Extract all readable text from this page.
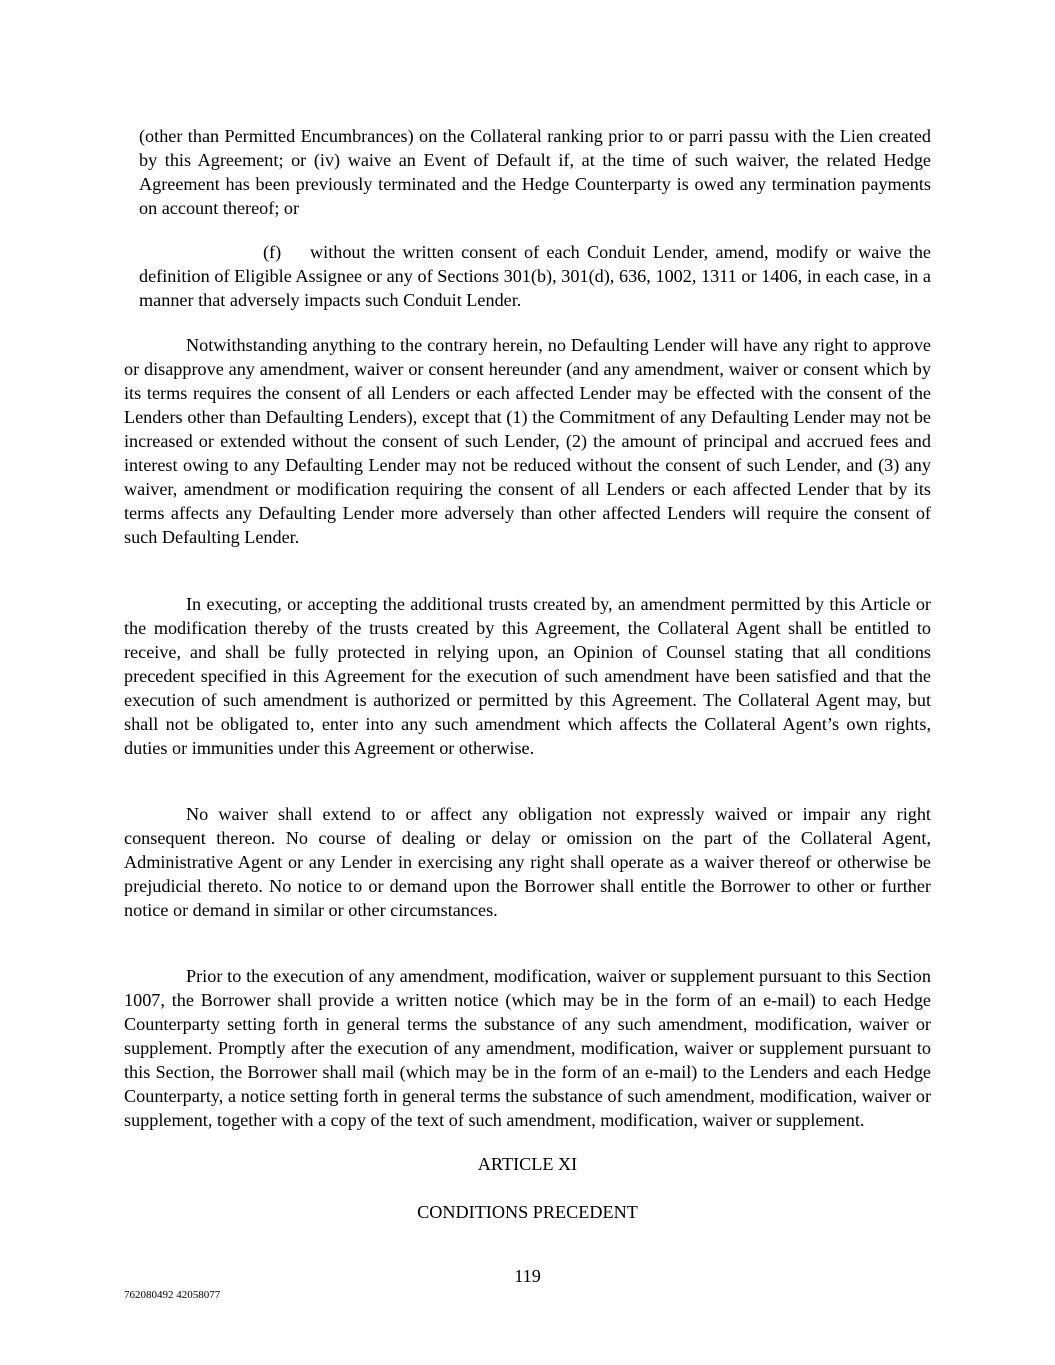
(other than Permitted Encumbrances) on the Collateral ranking prior to or parri passu with the Lien created by this Agreement; or (iv) waive an Event of Default if, at the time of such waiver, the related Hedge Agreement has been previously terminated and the Hedge Counterparty is owed any termination payments on account thereof; or

(f) without the written consent of each Conduit Lender, amend, modify or waive the definition of Eligible Assignee or any of Sections 301(b), 301(d), 636, 1002, 1311 or 1406, in each case, in a manner that adversely impacts such Conduit Lender.

Notwithstanding anything to the contrary herein, no Defaulting Lender will have any right to approve or disapprove any amendment, waiver or consent hereunder (and any amendment, waiver or consent which by its terms requires the consent of all Lenders or each affected Lender may be effected with the consent of the Lenders other than Defaulting Lenders), except that (1) the Commitment of any Defaulting Lender may not be increased or extended without the consent of such Lender, (2) the amount of principal and accrued fees and interest owing to any Defaulting Lender may not be reduced without the consent of such Lender, and (3) any waiver, amendment or modification requiring the consent of all Lenders or each affected Lender that by its terms affects any Defaulting Lender more adversely than other affected Lenders will require the consent of such Defaulting Lender.

In executing, or accepting the additional trusts created by, an amendment permitted by this Article or the modification thereby of the trusts created by this Agreement, the Collateral Agent shall be entitled to receive, and shall be fully protected in relying upon, an Opinion of Counsel stating that all conditions precedent specified in this Agreement for the execution of such amendment have been satisfied and that the execution of such amendment is authorized or permitted by this Agreement. The Collateral Agent may, but shall not be obligated to, enter into any such amendment which affects the Collateral Agent’s own rights, duties or immunities under this Agreement or otherwise.

No waiver shall extend to or affect any obligation not expressly waived or impair any right consequent thereon. No course of dealing or delay or omission on the part of the Collateral Agent, Administrative Agent or any Lender in exercising any right shall operate as a waiver thereof or otherwise be prejudicial thereto. No notice to or demand upon the Borrower shall entitle the Borrower to other or further notice or demand in similar or other circumstances.

Prior to the execution of any amendment, modification, waiver or supplement pursuant to this Section 1007, the Borrower shall provide a written notice (which may be in the form of an e-mail) to each Hedge Counterparty setting forth in general terms the substance of any such amendment, modification, waiver or supplement. Promptly after the execution of any amendment, modification, waiver or supplement pursuant to this Section, the Borrower shall mail (which may be in the form of an e-mail) to the Lenders and each Hedge Counterparty, a notice setting forth in general terms the substance of such amendment, modification, waiver or supplement, together with a copy of the text of such amendment, modification, waiver or supplement.

ARTICLE XI
CONDITIONS PRECEDENT
119
762080492 42058077
